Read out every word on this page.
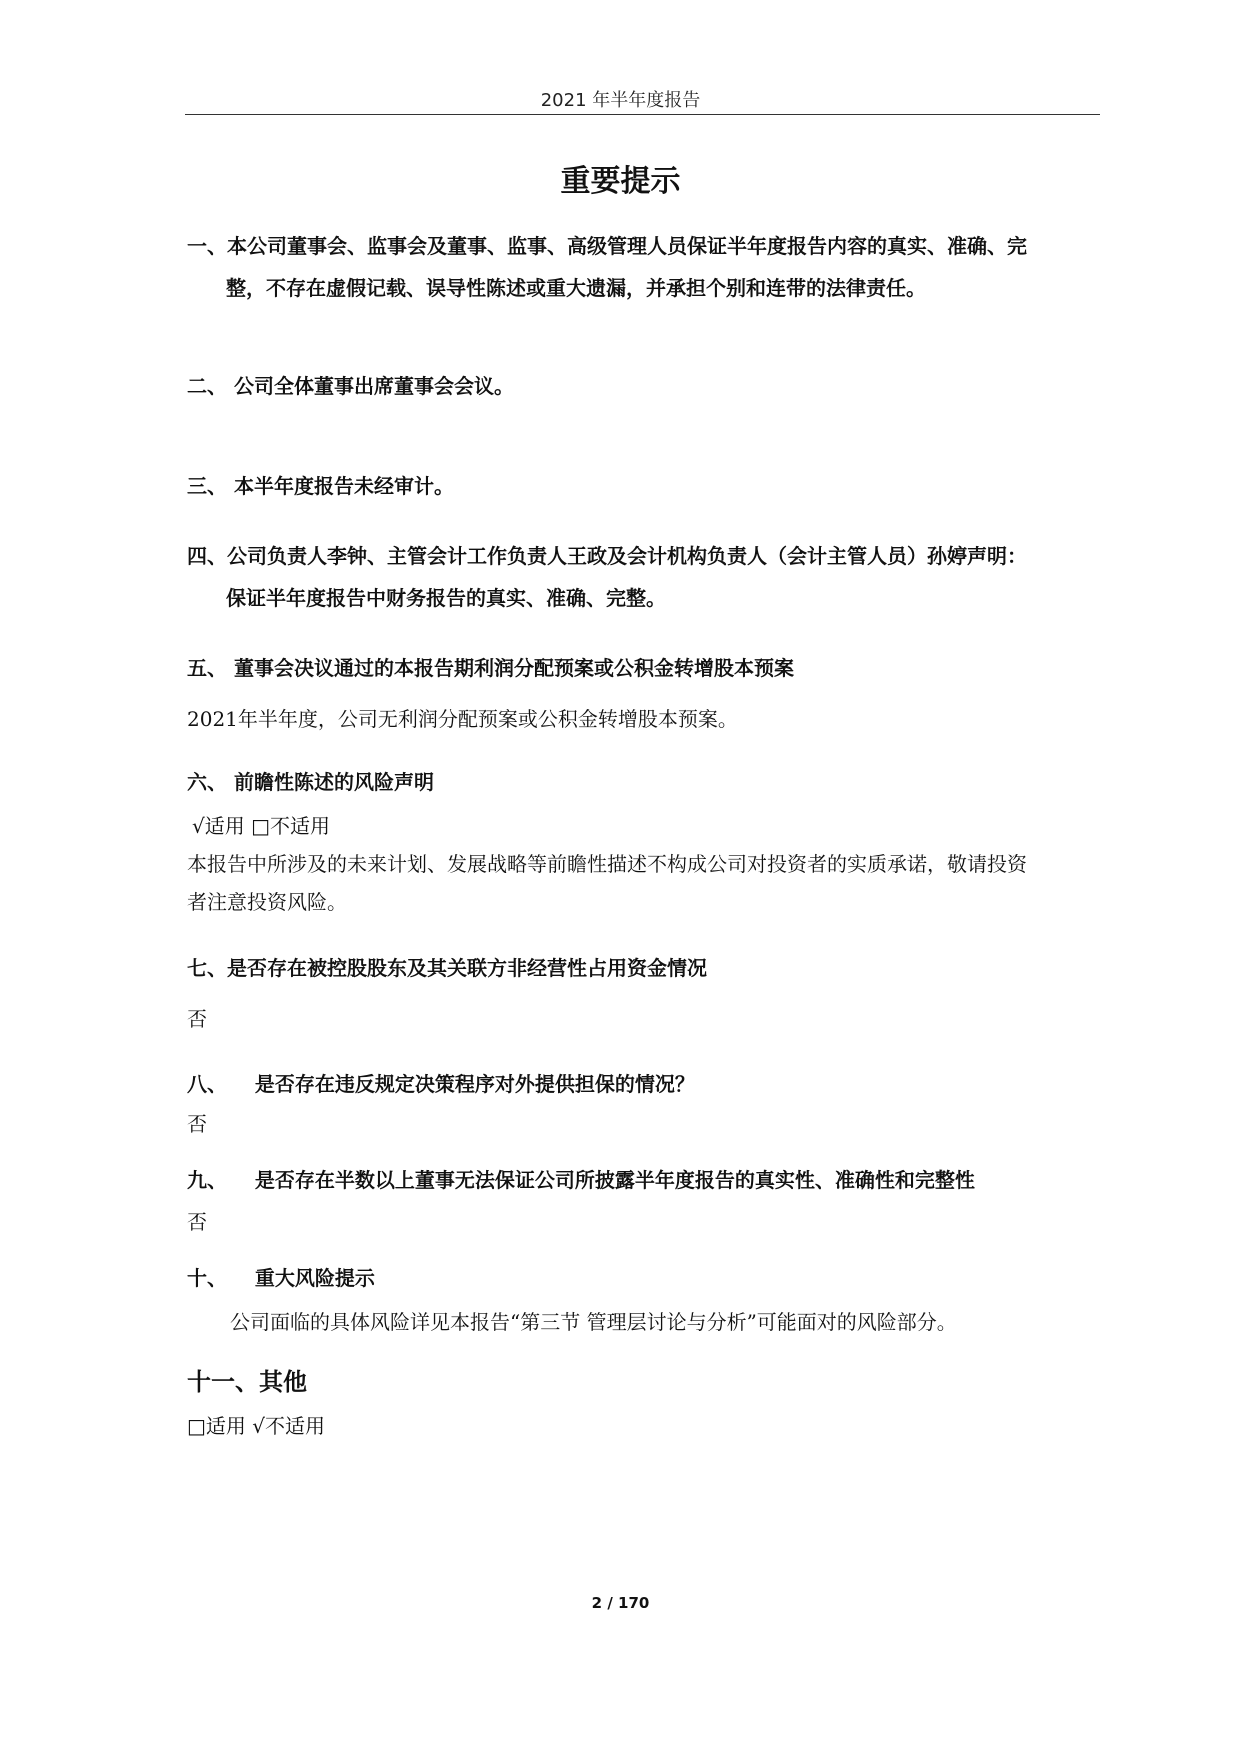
2021 年半年度报告
重要提示
一、本公司董事会、监事会及董事、监事、高级管理人员保证半年度报告内容的真实、准确、完
整，不存在虚假记载、误导性陈述或重大遗漏，并承担个别和连带的法律责任。
二、 公司全体董事出席董事会会议。
三、 本半年度报告未经审计。
四、公司负责人李钟、主管会计工作负责人王政及会计机构负责人（会计主管人员）孙婷声明：
保证半年度报告中财务报告的真实、准确、完整。
五、 董事会决议通过的本报告期利润分配预案或公积金转增股本预案
2021年半年度，公司无利润分配预案或公积金转增股本预案。
六、 前瞻性陈述的风险声明
√适用 □不适用
本报告中所涉及的未来计划、发展战略等前瞻性描述不构成公司对投资者的实质承诺，敬请投资
者注意投资风险。
七、是否存在被控股股东及其关联方非经营性占用资金情况
否
八、    是否存在违反规定决策程序对外提供担保的情况？
否
九、    是否存在半数以上董事无法保证公司所披露半年度报告的真实性、准确性和完整性
否
十、    重大风险提示
公司面临的具体风险详见本报告“第三节 管理层讨论与分析”可能面对的风险部分。
十一、其他
□适用 √不适用
2 / 170
